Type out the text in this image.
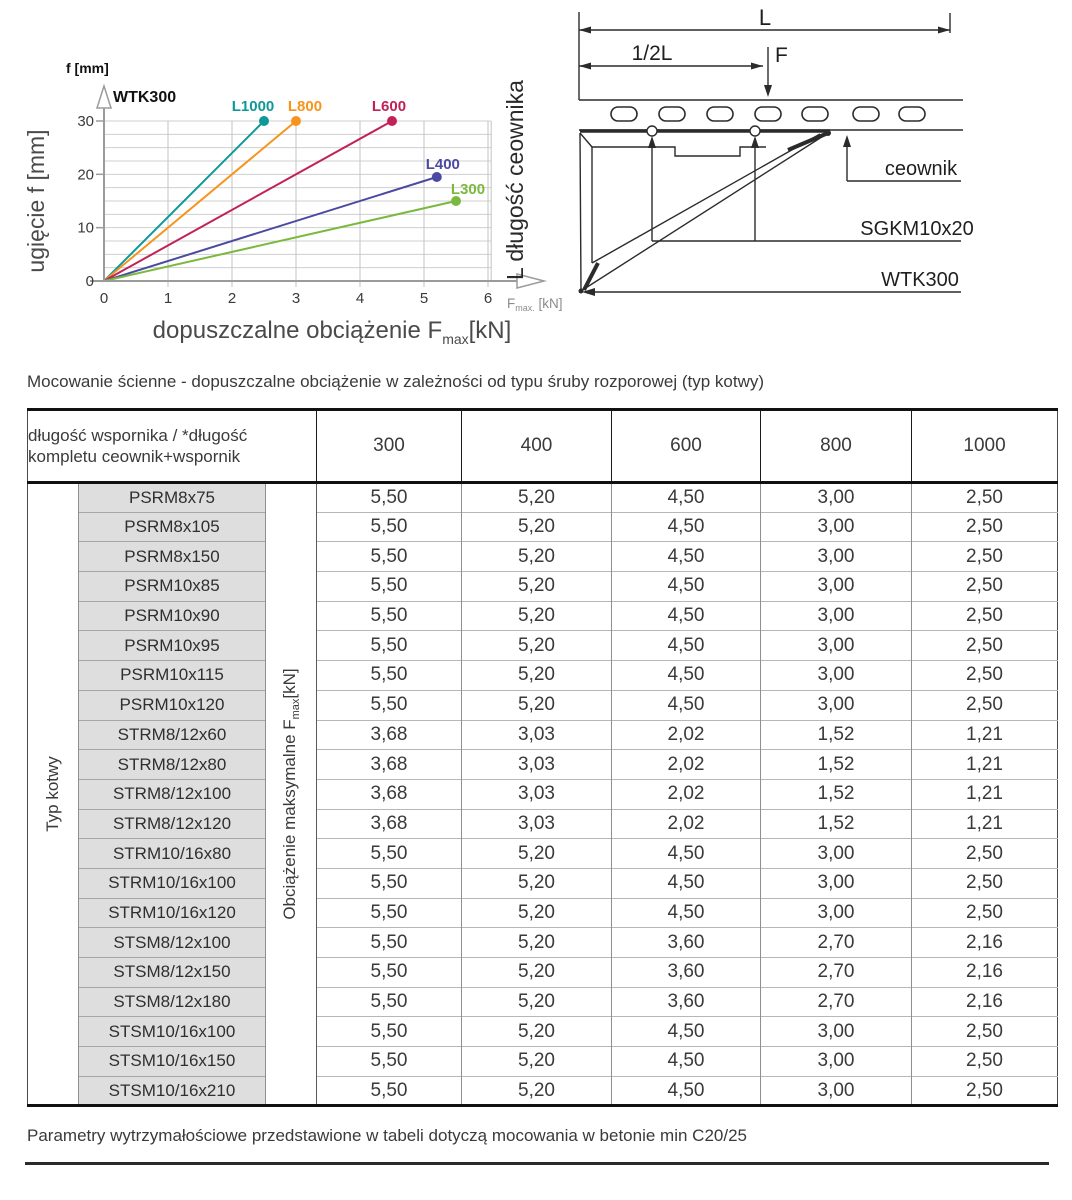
L1000 L800	L600
L400
L300
0
10
20
30
0	1	2	3	4	5	6
f [mm]
WTK300
$F_{max.}$ [kN]
dopuszczalne obciążenie $F_{max}[kN]$
ugięcie f [mm]	L długość ceownika
L
1/2L	F
ceownik
SGKM10x20
WTK300
Mocowanie ścienne - dopuszczalne obciążenie w zależności od typu śruby rozporowej (typ kotwy)
długość wspornika / *długość
kompletu ceownik+wspornik			300	400	600	800	1000

Typ kotwy	PSRM8x75	Obciążenie maksymalne $F_{max}[kN]$	5,50	5,20	4,50	3,00	2,50
	PSRM8x105		5,50	5,20	4,50	3,00	2,50
	PSRM8x150		5,50	5,20	4,50	3,00	2,50
	PSRM10x85		5,50	5,20	4,50	3,00	2,50
	PSRM10x90		5,50	5,20	4,50	3,00	2,50
	PSRM10x95		5,50	5,20	4,50	3,00	2,50
	PSRM10x115		5,50	5,20	4,50	3,00	2,50
	PSRM10x120		5,50	5,20	4,50	3,00	2,50
	STRM8/12x60		3,68	3,03	2,02	1,52	1,21
	STRM8/12x80		3,68	3,03	2,02	1,52	1,21
	STRM8/12x100		3,68	3,03	2,02	1,52	1,21
	STRM8/12x120		3,68	3,03	2,02	1,52	1,21
	STRM10/16x80		5,50	5,20	4,50	3,00	2,50
	STRM10/16x100		5,50	5,20	4,50	3,00	2,50
	STRM10/16x120		5,50	5,20	4,50	3,00	2,50
	STSM8/12x100		5,50	5,20	3,60	2,70	2,16
	STSM8/12x150		5,50	5,20	3,60	2,70	2,16
	STSM8/12x180		5,50	5,20	3,60	2,70	2,16
	STSM10/16x100		5,50	5,20	4,50	3,00	2,50
	STSM10/16x150		5,50	5,20	4,50	3,00	2,50
	STSM10/16x210		5,50	5,20	4,50	3,00	2,50
Parametry wytrzymałościowe przedstawione w tabeli dotyczą mocowania w betonie min C20/25
